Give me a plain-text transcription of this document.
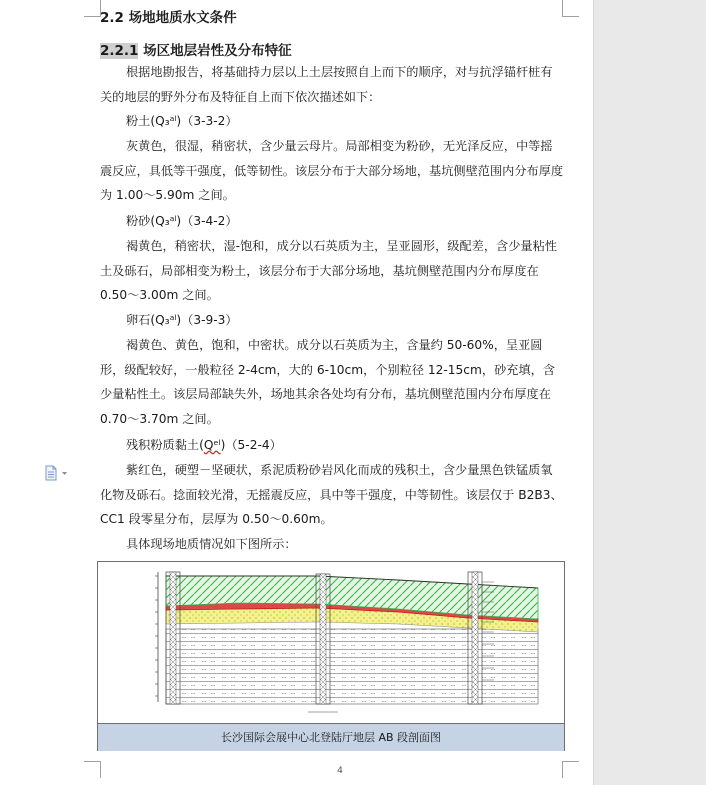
2.2 场地地质水文条件
2.2.1 场区地层岩性及分布特征

根据地勘报告，将基础持力层以上土层按照自上而下的顺序，对与抗浮锚杆桩有关的地层的野外分布及特征自上而下依次描述如下：

粉土(Q₃ᵃˡ)（3-3-2）

灰黄色，很湿，稍密状，含少量云母片。局部相变为粉砂，无光泽反应，中等摇震反应，具低等干强度，低等韧性。该层分布于大部分场地，基坑侧壁范围内分布厚度为 1.00～5.90m 之间。

粉砂(Q₃ᵃˡ)（3-4-2）

褐黄色，稍密状，湿-饱和，成分以石英质为主，呈亚圆形，级配差，含少量粘性土及砾石，局部相变为粉土，该层分布于大部分场地，基坑侧壁范围内分布厚度在 0.50～3.00m 之间。

卵石(Q₃ᵃˡ)（3-9-3）

褐黄色、黄色，饱和，中密状。成分以石英质为主，含量约 50-60%，呈亚圆形，级配较好，一般粒径 2-4cm，大的 6-10cm，个别粒径 12-15cm，砂充填，含少量粘性土。该层局部缺失外，场地其余各处均有分布，基坑侧壁范围内分布厚度在 0.70～3.70m 之间。

残积粉质黏土(Qᵉˡ)（5-2-4）

紫红色，硬塑－坚硬状，系泥质粉砂岩风化而成的残积土，含少量黑色铁锰质氧化物及砾石。捻面较光滑，无摇震反应，具中等干强度，中等韧性。该层仅于 B2B3、CC1 段零星分布，层厚为 0.50～0.60m。

具体现场地质情况如下图所示：

长沙国际会展中心北登陆厅地层 AB 段剖面图
4
